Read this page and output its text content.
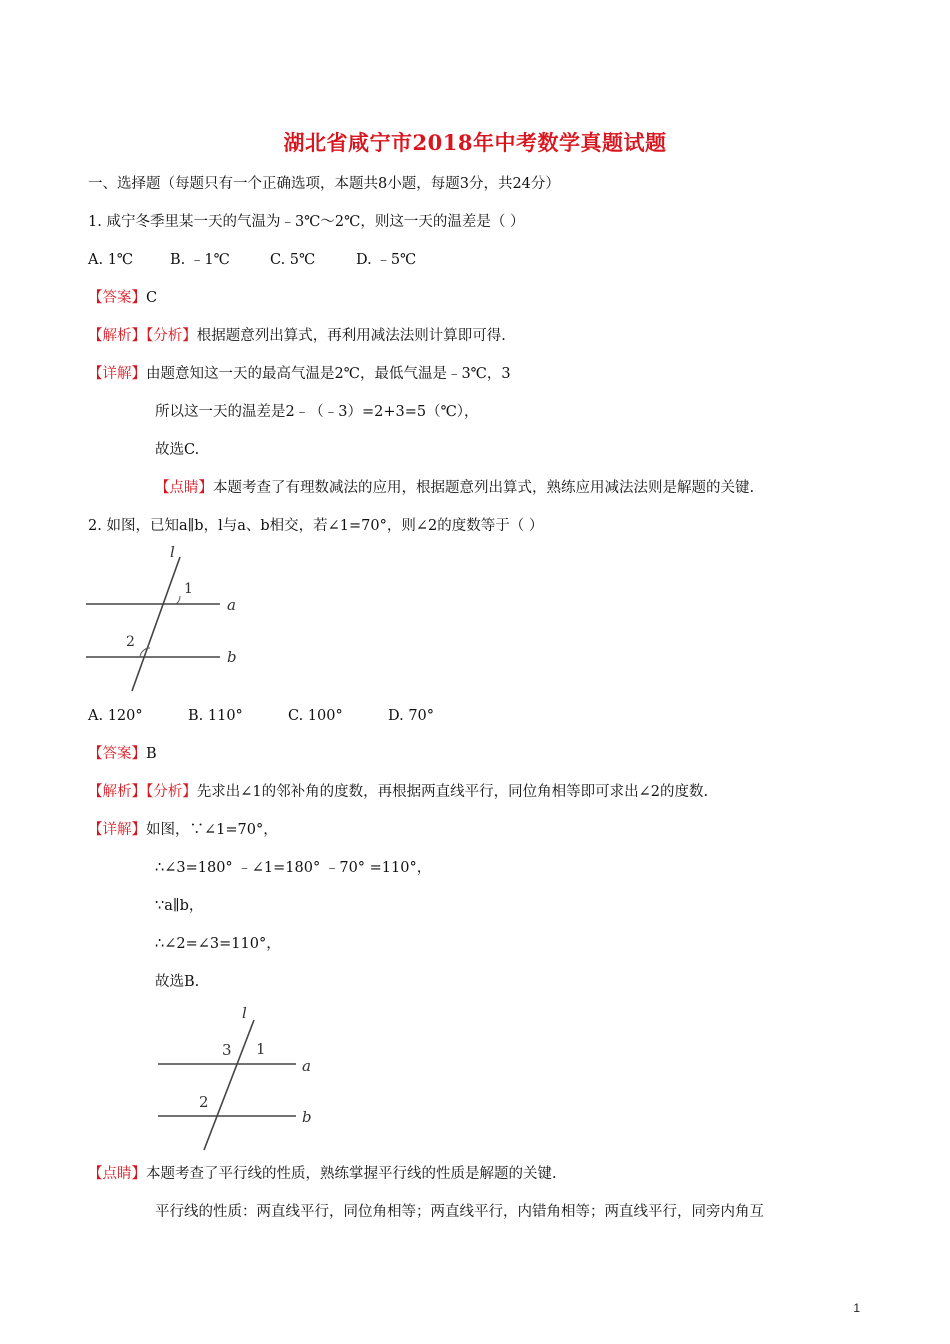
湖北省咸宁市2018年中考数学真题试题
一、选择题（每题只有一个正确选项，本题共8小题，每题3分，共24分）
1. 咸宁冬季里某一天的气温为﹣3℃～2℃，则这一天的温差是（ ）
A. 1℃	B. ﹣1℃	C. 5℃	D. ﹣5℃
【答案】C
【解析】【分析】根据题意列出算式，再利用减法法则计算即可得.
【详解】由题意知这一天的最高气温是2℃，最低气温是﹣3℃，3
所以这一天的温差是2﹣（﹣3）=2+3=5（℃），
故选C.
【点睛】本题考查了有理数减法的应用，根据题意列出算式，熟练应用减法法则是解题的关键.
2. 如图，已知a∥b，l与a、b相交，若∠1=70°，则∠2的度数等于（ ）
l
a
b
1
2
A. 120°	B. 110°	C. 100°	D. 70°
【答案】B
【解析】【分析】先求出∠1的邻补角的度数，再根据两直线平行，同位角相等即可求出∠2的度数.
【详解】如图，∵∠1=70°，
∴∠3=180° ﹣∠1=180° ﹣70° =110°，
∵a∥b，
∴∠2=∠3=110°，
故选B.
l
a
b
1
3
2
【点睛】本题考查了平行线的性质，熟练掌握平行线的性质是解题的关键.
平行线的性质：两直线平行，同位角相等；两直线平行，内错角相等；两直线平行，同旁内角互
1
